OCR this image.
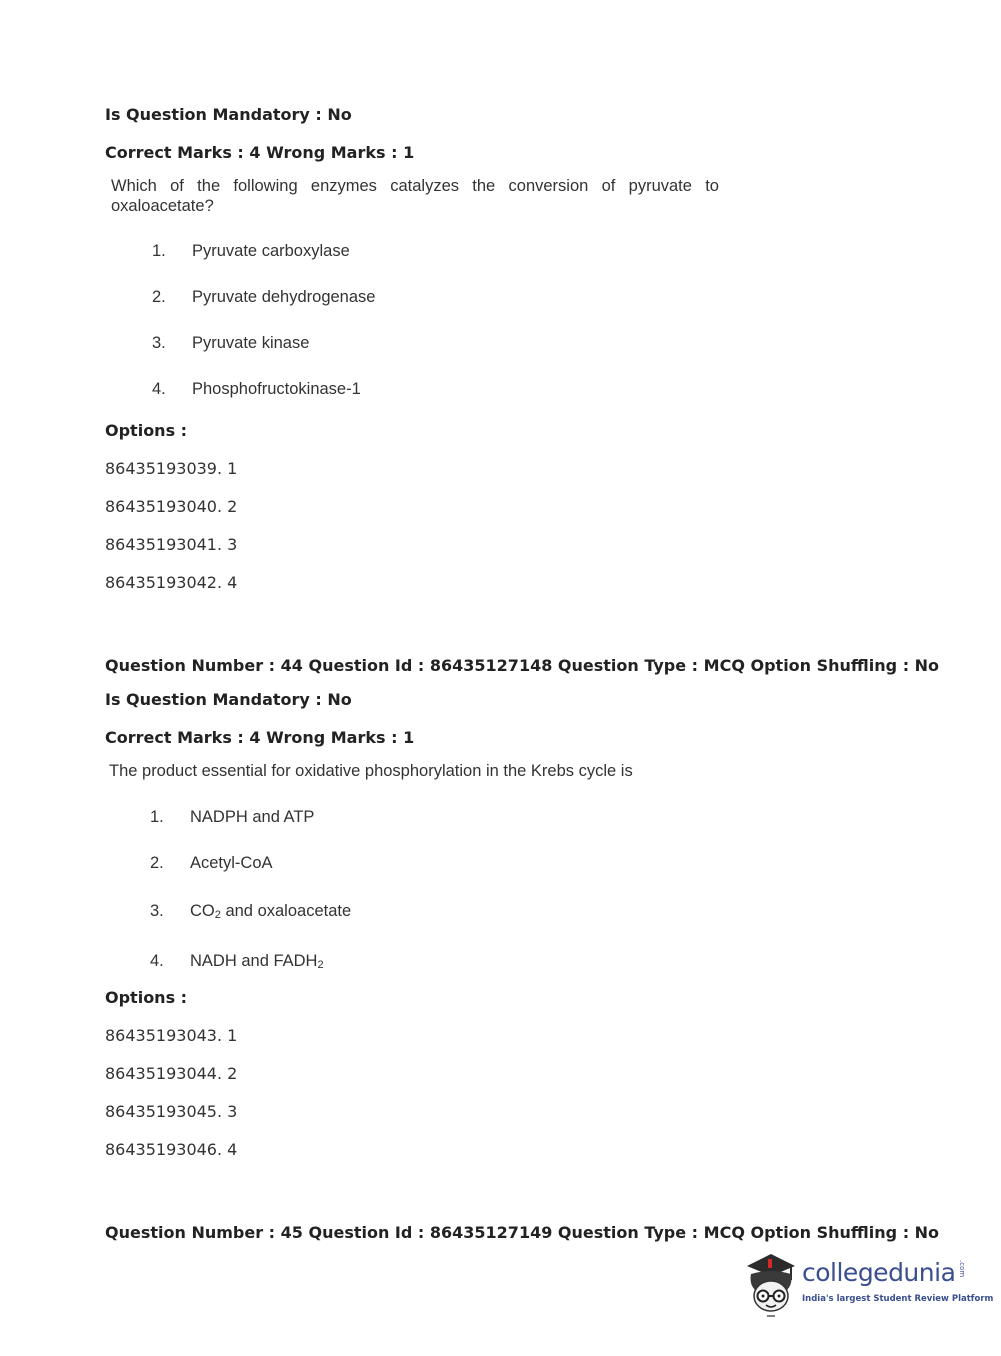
Is Question Mandatory : No
Correct Marks : 4 Wrong Marks : 1
Which of the following enzymes catalyzes the conversion of pyruvate to oxaloacetate?
1. Pyruvate carboxylase
2. Pyruvate dehydrogenase
3. Pyruvate kinase
4. Phosphofructokinase-1
Options :
86435193039. 1
86435193040. 2
86435193041. 3
86435193042. 4
Question Number : 44 Question Id : 86435127148 Question Type : MCQ Option Shuffling : No
Is Question Mandatory : No
Correct Marks : 4 Wrong Marks : 1
The product essential for oxidative phosphorylation in the Krebs cycle is
1. NADPH and ATP
2. Acetyl-CoA
3. $CO_2$ and oxaloacetate
4. NADH and $FADH_2$
Options :
86435193043. 1
86435193044. 2
86435193045. 3
86435193046. 4
Question Number : 45 Question Id : 86435127149 Question Type : MCQ Option Shuffling : No
collegedunia .com
India's largest Student Review Platform
